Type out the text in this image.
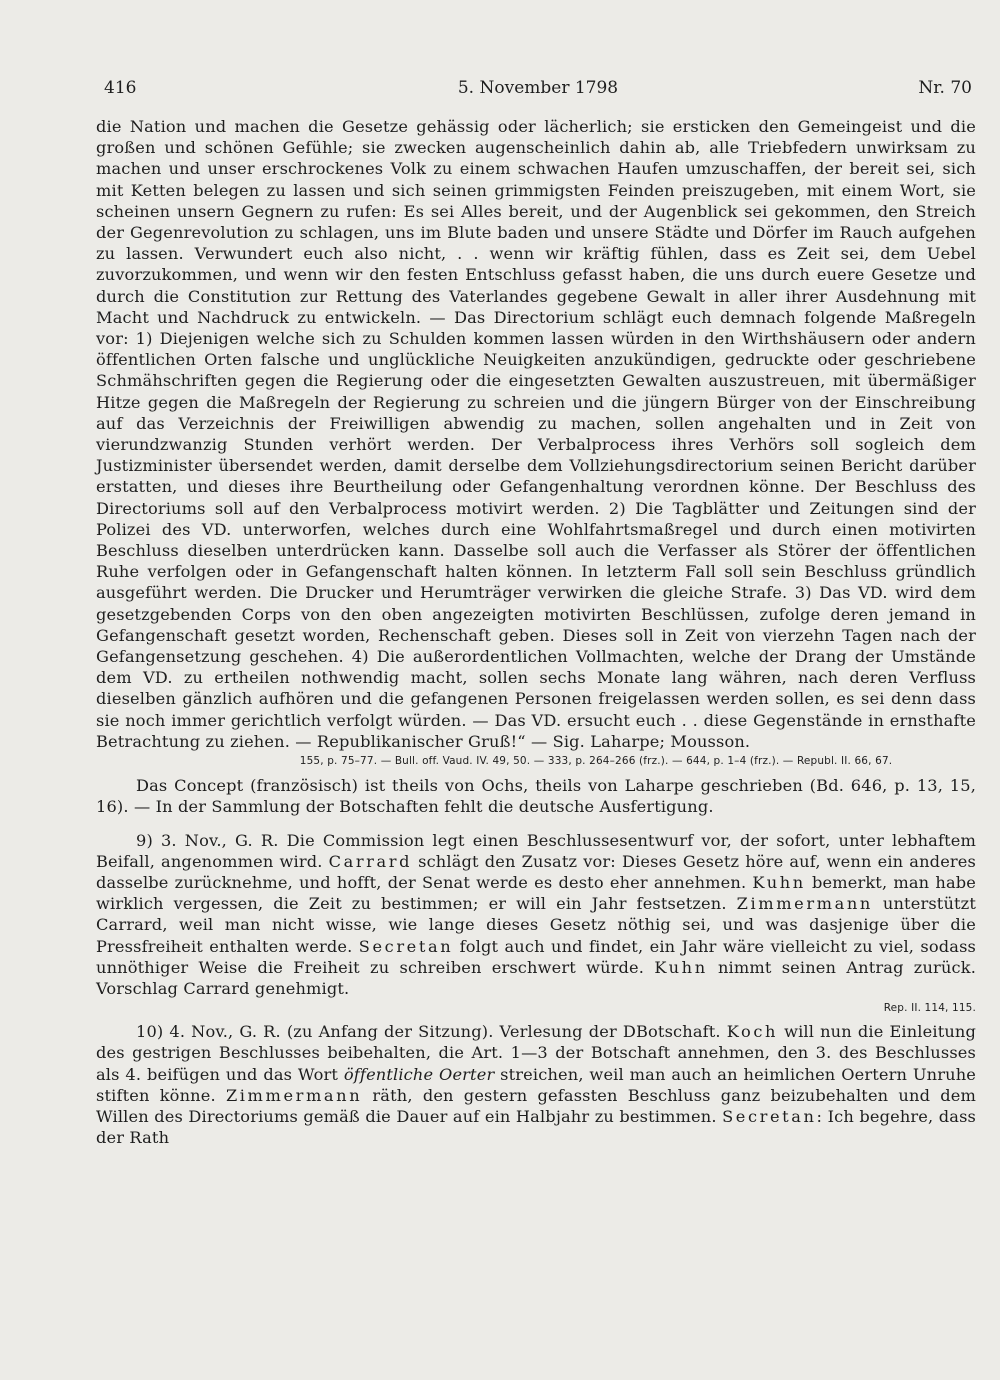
416	5. November 1798	Nr. 70

die Nation und machen die Gesetze gehässig oder lächerlich; sie ersticken den Gemeingeist und die großen und schönen Gefühle; sie zwecken augenscheinlich dahin ab, alle Triebfedern unwirksam zu machen und unser erschrockenes Volk zu einem schwachen Haufen umzuschaffen, der bereit sei, sich mit Ketten belegen zu lassen und sich seinen grimmigsten Feinden preiszugeben, mit einem Wort, sie scheinen unsern Gegnern zu rufen: Es sei Alles bereit, und der Augenblick sei gekommen, den Streich der Gegenrevolution zu schlagen, uns im Blute baden und unsere Städte und Dörfer im Rauch aufgehen zu lassen. Verwundert euch also nicht, . . wenn wir kräftig fühlen, dass es Zeit sei, dem Uebel zuvorzukommen, und wenn wir den festen Entschluss gefasst haben, die uns durch euere Gesetze und durch die Constitution zur Rettung des Vaterlandes gegebene Gewalt in aller ihrer Ausdehnung mit Macht und Nachdruck zu entwickeln. — Das Directorium schlägt euch demnach folgende Maßregeln vor: 1) Diejenigen welche sich zu Schulden kommen lassen würden in den Wirthshäusern oder andern öffentlichen Orten falsche und unglückliche Neuigkeiten anzukündigen, gedruckte oder geschriebene Schmähschriften gegen die Regierung oder die eingesetzten Gewalten auszustreuen, mit übermäßiger Hitze gegen die Maßregeln der Regierung zu schreien und die jüngern Bürger von der Einschreibung auf das Verzeichnis der Freiwilligen abwendig zu machen, sollen angehalten und in Zeit von vierundzwanzig Stunden verhört werden. Der Verbalprocess ihres Verhörs soll sogleich dem Justizminister übersendet werden, damit derselbe dem Vollziehungsdirectorium seinen Bericht darüber erstatten, und dieses ihre Beurtheilung oder Gefangenhaltung verordnen könne. Der Beschluss des Directoriums soll auf den Verbalprocess motivirt werden. 2) Die Tagblätter und Zeitungen sind der Polizei des VD. unterworfen, welches durch eine Wohlfahrtsmaßregel und durch einen motivirten Beschluss dieselben unterdrücken kann. Dasselbe soll auch die Verfasser als Störer der öffentlichen Ruhe verfolgen oder in Gefangenschaft halten können. In letzterm Fall soll sein Beschluss gründlich ausgeführt werden. Die Drucker und Herumträger verwirken die gleiche Strafe. 3) Das VD. wird dem gesetzgebenden Corps von den oben angezeigten motivirten Beschlüssen, zufolge deren jemand in Gefangenschaft gesetzt worden, Rechenschaft geben. Dieses soll in Zeit von vierzehn Tagen nach der Gefangensetzung geschehen. 4) Die außerordentlichen Vollmachten, welche der Drang der Umstände dem VD. zu ertheilen nothwendig macht, sollen sechs Monate lang währen, nach deren Verfluss dieselben gänzlich aufhören und die gefangenen Personen freigelassen werden sollen, es sei denn dass sie noch immer gerichtlich verfolgt würden. — Das VD. ersucht euch . . diese Gegenstände in ernsthafte Betrachtung zu ziehen. — Republikanischer Gruß!“ — Sig. Laharpe; Mousson.

155, p. 75–77. — Bull. off. Vaud. IV. 49, 50. — 333, p. 264–266 (frz.). — 644, p. 1–4 (frz.). — Republ. II. 66, 67.

Das Concept (französisch) ist theils von Ochs, theils von Laharpe geschrieben (Bd. 646, p. 13, 15, 16). — In der Sammlung der Botschaften fehlt die deutsche Ausfertigung.

9) 3. Nov., G. R. Die Commission legt einen Beschlussesentwurf vor, der sofort, unter lebhaftem Beifall, angenommen wird. Carrard schlägt den Zusatz vor: Dieses Gesetz höre auf, wenn ein anderes dasselbe zurücknehme, und hofft, der Senat werde es desto eher annehmen. Kuhn bemerkt, man habe wirklich vergessen, die Zeit zu bestimmen; er will ein Jahr festsetzen. Zimmermann unterstützt Carrard, weil man nicht wisse, wie lange dieses Gesetz nöthig sei, und was dasjenige über die Pressfreiheit enthalten werde. Secretan folgt auch und findet, ein Jahr wäre vielleicht zu viel, sodass unnöthiger Weise die Freiheit zu schreiben erschwert würde. Kuhn nimmt seinen Antrag zurück. Vorschlag Carrard genehmigt.

Rep. II. 114, 115.

10) 4. Nov., G. R. (zu Anfang der Sitzung). Verlesung der DBotschaft. Koch will nun die Einleitung des gestrigen Beschlusses beibehalten, die Art. 1—3 der Botschaft annehmen, den 3. des Beschlusses als 4. beifügen und das Wort öffentliche Oerter streichen, weil man auch an heimlichen Oertern Unruhe stiften könne. Zimmermann räth, den gestern gefassten Beschluss ganz beizubehalten und dem Willen des Directoriums gemäß die Dauer auf ein Halbjahr zu bestimmen. Secretan: Ich begehre, dass der Rath
